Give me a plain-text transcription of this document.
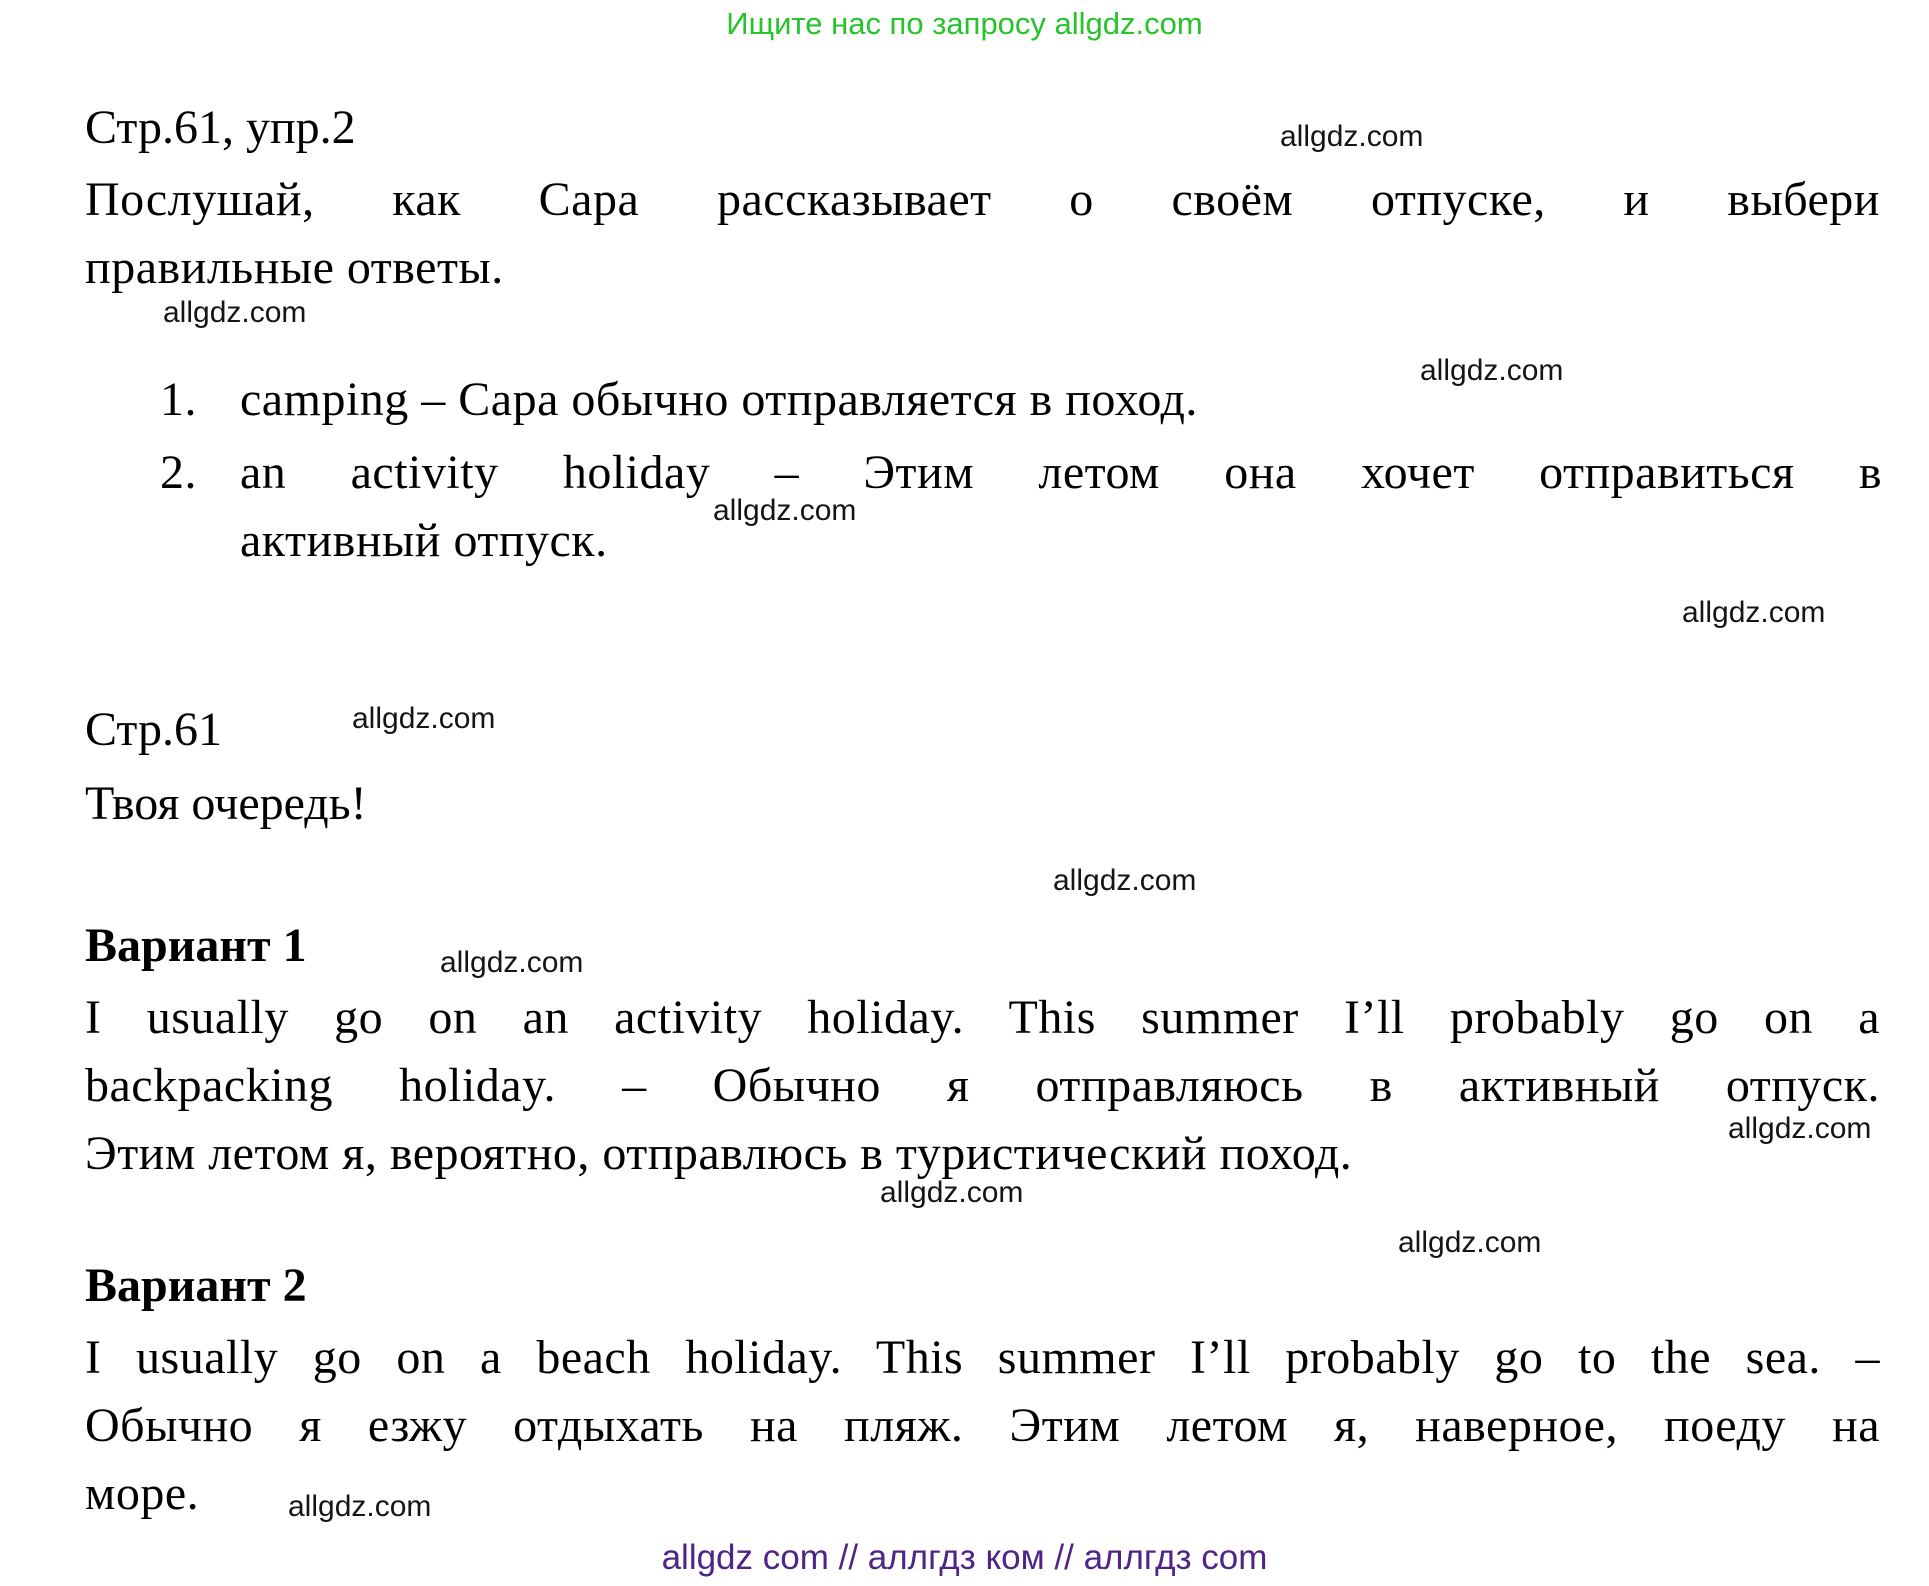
Ищите нас по запросу allgdz.com
Стр.61, упр.2
Послушай, как Сара рассказывает о своём отпуске, и выбери
правильные ответы.
1. camping – Сара обычно отправляется в поход.
2. an activity holiday – Этим летом она хочет отправиться в
активный отпуск.
Стр.61
Твоя очередь!
Вариант 1
I usually go on an activity holiday. This summer I’ll probably go on a
backpacking holiday. – Обычно я отправляюсь в активный отпуск.
Этим летом я, вероятно, отправлюсь в туристический поход.
Вариант 2
I usually go on a beach holiday. This summer I’ll probably go to the sea. –
Обычно я езжу отдыхать на пляж. Этим летом я, наверное, поеду на
море.
allgdz.com
allgdz.com
allgdz.com
allgdz.com
allgdz.com
allgdz.com
allgdz.com
allgdz.com
allgdz.com
allgdz.com
allgdz.com
allgdz.com
allgdz com // аллгдз ком // аллгдз com
